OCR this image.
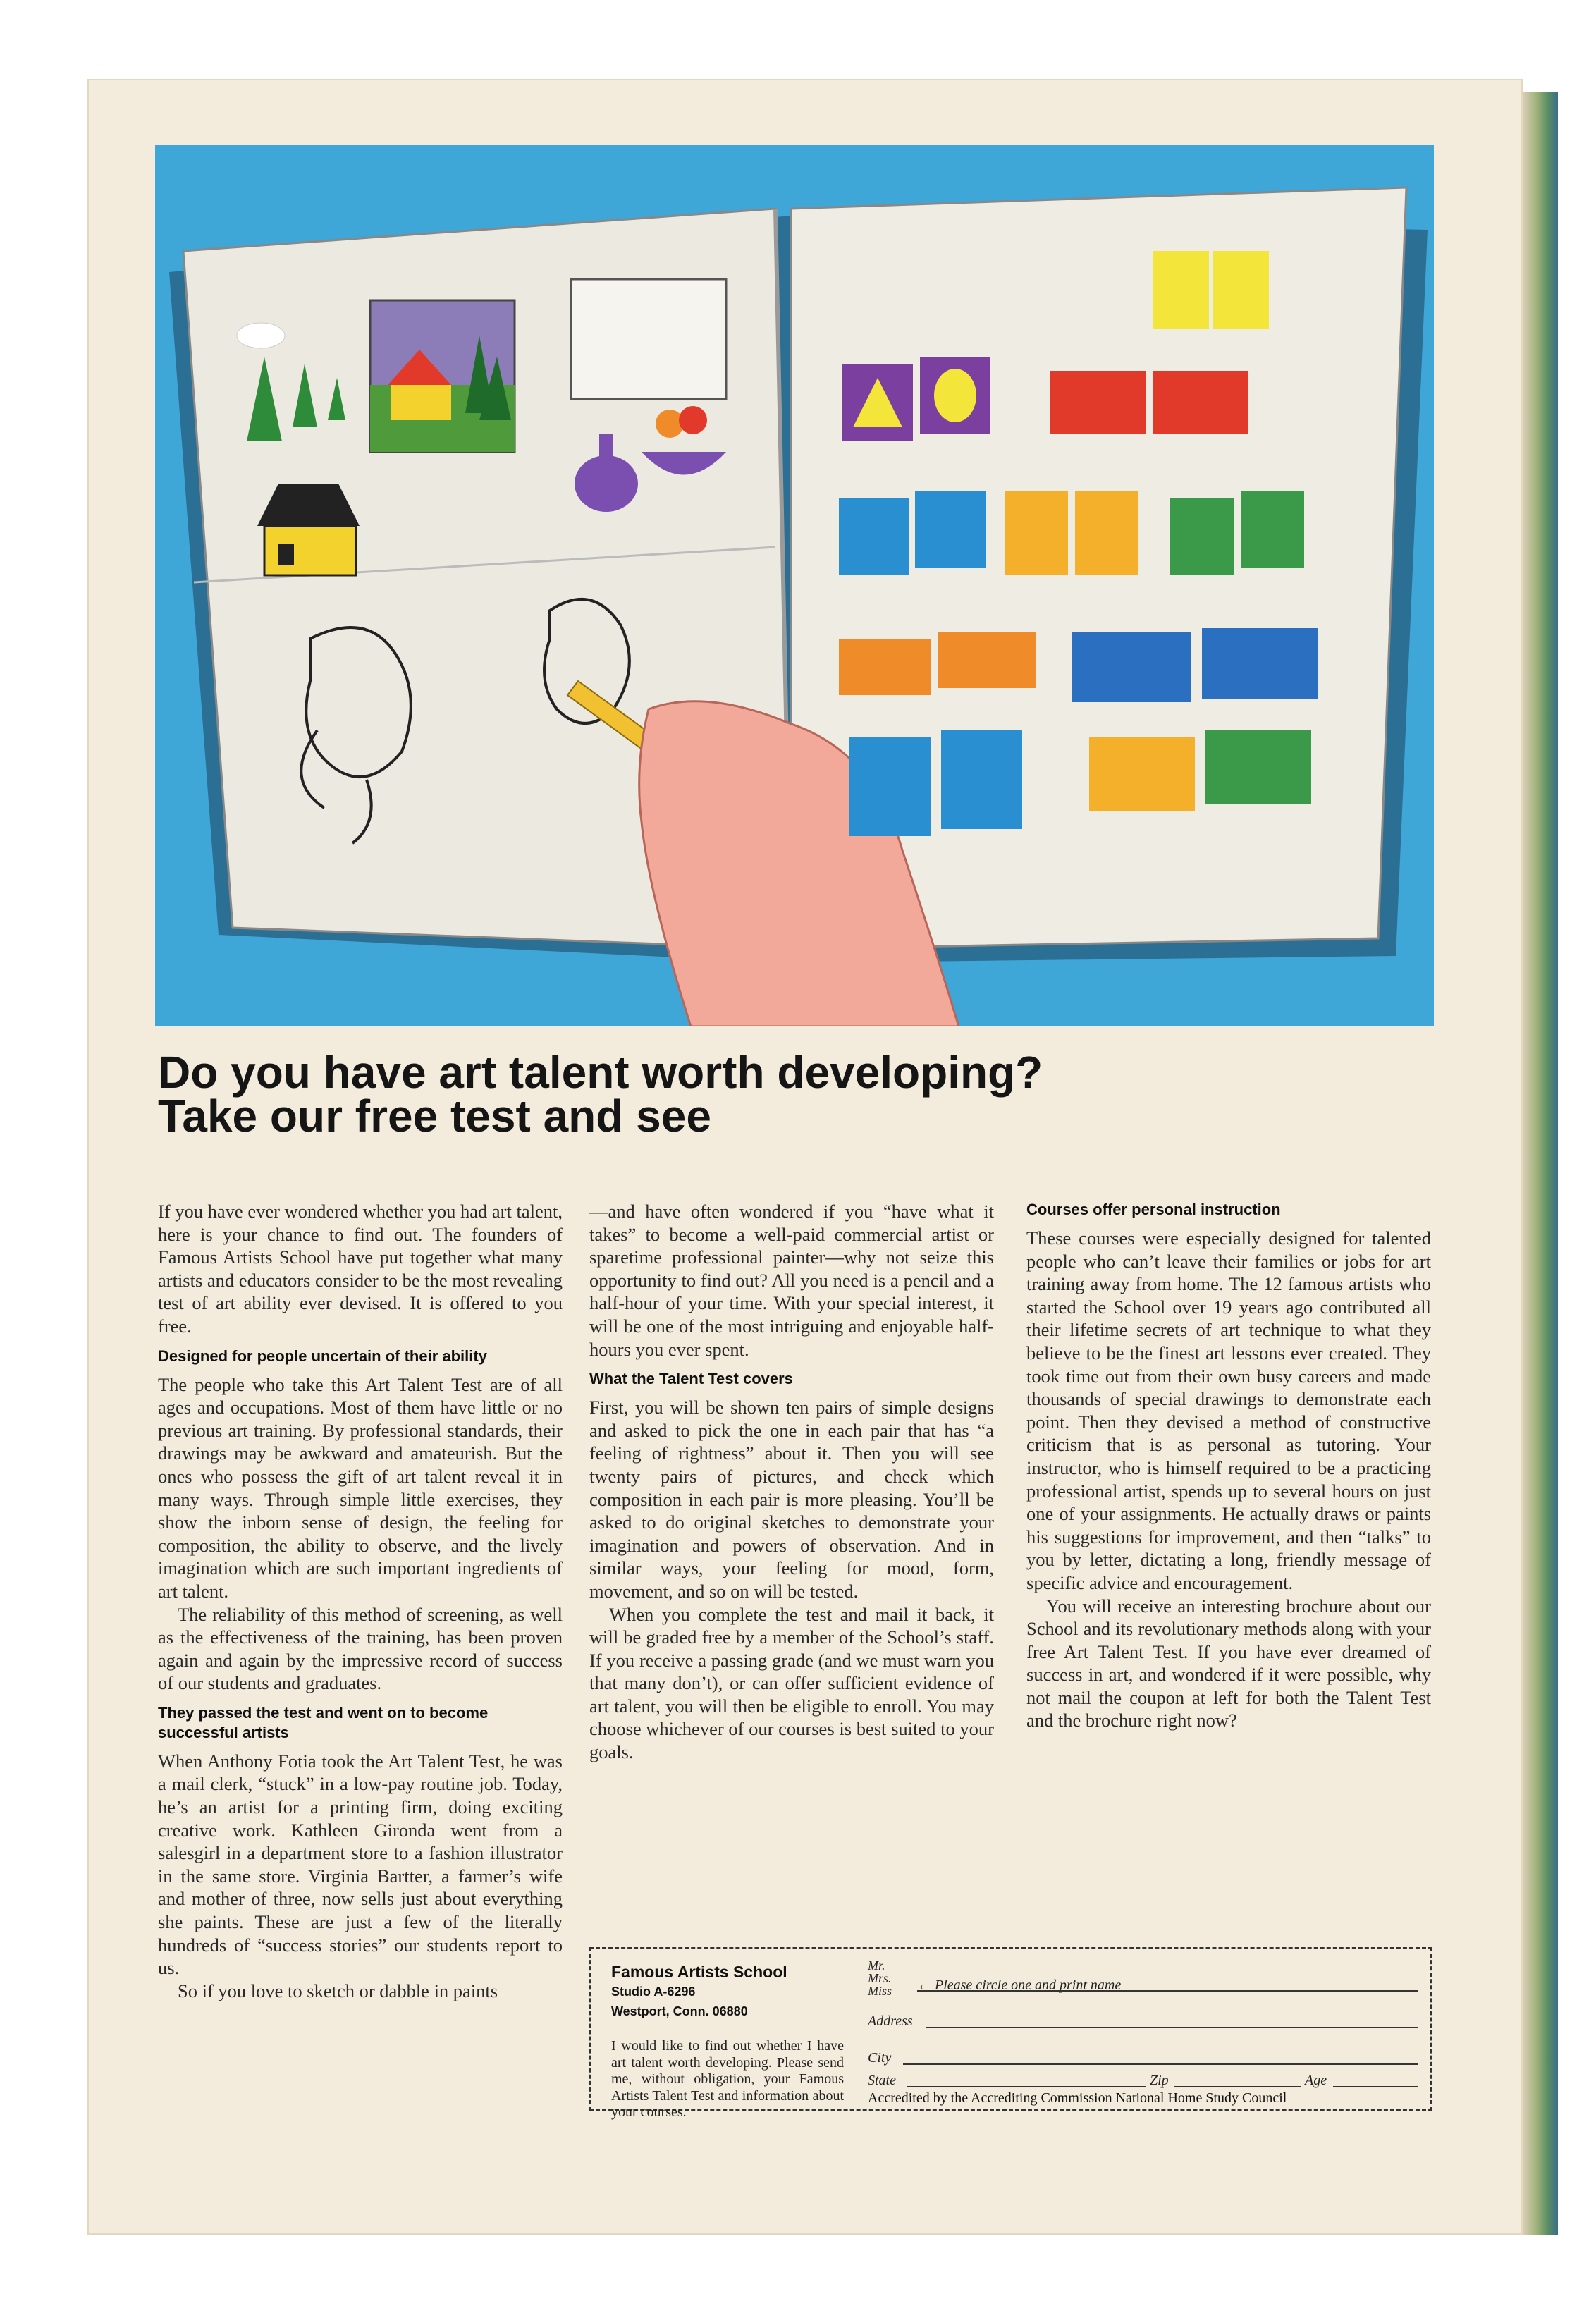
Do you have art talent worth developing?
Take our free test and see

If you have ever wondered whether you had art talent, here is your chance to find out. The founders of Famous Artists School have put together what many artists and educators consider to be the most revealing test of art ability ever devised. It is offered to you free.

Designed for people uncertain of their ability

The people who take this Art Talent Test are of all ages and occupations. Most of them have little or no previous art training. By professional standards, their drawings may be awkward and amateurish. But the ones who possess the gift of art talent reveal it in many ways. Through simple little exercises, they show the inborn sense of design, the feeling for composition, the ability to observe, and the lively imagination which are such important ingredients of art talent.

The reliability of this method of screening, as well as the effectiveness of the training, has been proven again and again by the impressive record of success of our students and graduates.

They passed the test and went on to become successful artists

When Anthony Fotia took the Art Talent Test, he was a mail clerk, “stuck” in a low-pay routine job. Today, he’s an artist for a printing firm, doing exciting creative work. Kathleen Gironda went from a salesgirl in a department store to a fashion illustrator in the same store. Virginia Bartter, a farmer’s wife and mother of three, now sells just about everything she paints. These are just a few of the literally hundreds of “success stories” our students report to us.

So if you love to sketch or dabble in paints

—and have often wondered if you “have what it takes” to become a well-paid commercial artist or sparetime professional painter—why not seize this opportunity to find out? All you need is a pencil and a half-hour of your time. With your special interest, it will be one of the most intriguing and enjoyable half-hours you ever spent.

What the Talent Test covers

First, you will be shown ten pairs of simple designs and asked to pick the one in each pair that has “a feeling of rightness” about it. Then you will see twenty pairs of pictures, and check which composition in each pair is more pleasing. You’ll be asked to do original sketches to demonstrate your imagination and powers of observation. And in similar ways, your feeling for mood, form, movement, and so on will be tested.

When you complete the test and mail it back, it will be graded free by a member of the School’s staff. If you receive a passing grade (and we must warn you that many don’t), or can offer sufficient evidence of art talent, you will then be eligible to enroll. You may choose whichever of our courses is best suited to your goals.

Courses offer personal instruction

These courses were especially designed for talented people who can’t leave their families or jobs for art training away from home. The 12 famous artists who started the School over 19 years ago contributed all their lifetime secrets of art technique to what they believe to be the finest art lessons ever created. They took time out from their own busy careers and made thousands of special drawings to demonstrate each point. Then they devised a method of constructive criticism that is as personal as tutoring. Your instructor, who is himself required to be a practicing professional artist, spends up to several hours on just one of your assignments. He actually draws or paints his suggestions for improvement, and then “talks” to you by letter, dictating a long, friendly message of specific advice and encouragement.

You will receive an interesting brochure about our School and its revolutionary methods along with your free Art Talent Test. If you have ever dreamed of success in art, and wondered if it were possible, why not mail the coupon at left for both the Talent Test and the brochure right now?

Famous Artists School
Studio A-6296
Westport, Conn. 06880
I would like to find out whether I have art talent worth developing. Please send me, without obligation, your Famous Artists Talent Test and information about your courses.
Mr.
Mrs.
Miss ← Please circle one and print name
Address
City
State	Zip	Age
Accredited by the Accrediting Commission National Home Study Council
